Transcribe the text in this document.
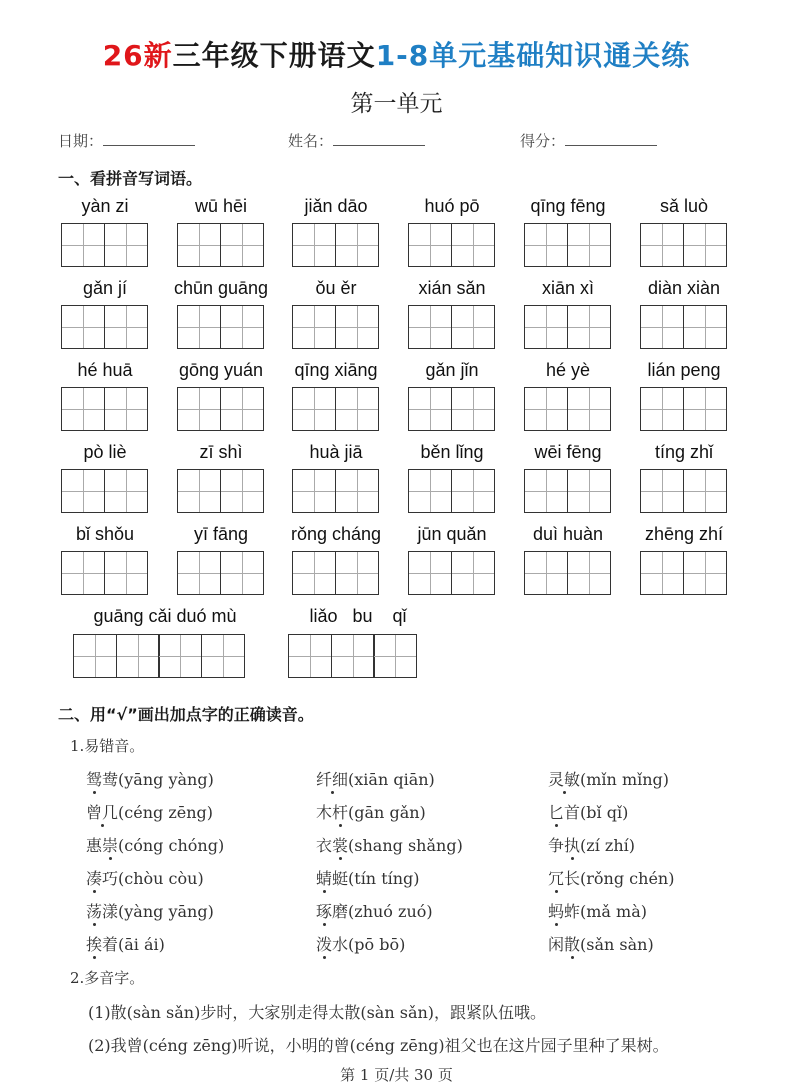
26新三年级下册语文1-8单元基础知识通关练
第一单元
日期：	姓名：	得分：
一、看拼音写词语。
yàn zi	wū hēi	jiǎn dāo	huó pō	qīng fēng	sǎ luò
gǎn jí	chūn guāng	ǒu ěr	xián sǎn	xiān xì	diàn xiàn
hé huā	gōng yuán	qīng xiāng	gǎn jǐn	hé yè	lián peng
pò liè	zī shì	huà jiā	běn lǐng	wēi fēng	tíng zhǐ
bǐ shǒu	yī fāng	rǒng cháng	jūn quǎn	duì huàn	zhēng zhí
guāng cǎi duó mù	liǎo   bu    qǐ
二、用“√”画出加点字的正确读音。
1.易错音。
鸳鸯(yāng yàng)	纤细(xiān qiān)	灵敏(mǐn mǐng)
曾几(céng zēng)	木杆(gān gǎn)	匕首(bǐ qǐ)
惠崇(cóng chóng)	衣裳(shang shǎng)	争执(zí zhí)
凑巧(chòu còu)	蜻蜓(tín tíng)	冗长(rǒng chén)
荡漾(yàng yāng)	琢磨(zhuó zuó)	蚂蚱(mǎ mà)
挨着(āi ái)	泼水(pō bō)	闲散(sǎn sàn)
2.多音字。
(1)散(sàn sǎn)步时，大家别走得太散(sàn sǎn)，跟紧队伍哦。
(2)我曾(céng zēng)听说，小明的曾(céng zēng)祖父也在这片园子里种了果树。
第 1 页/共 30 页
